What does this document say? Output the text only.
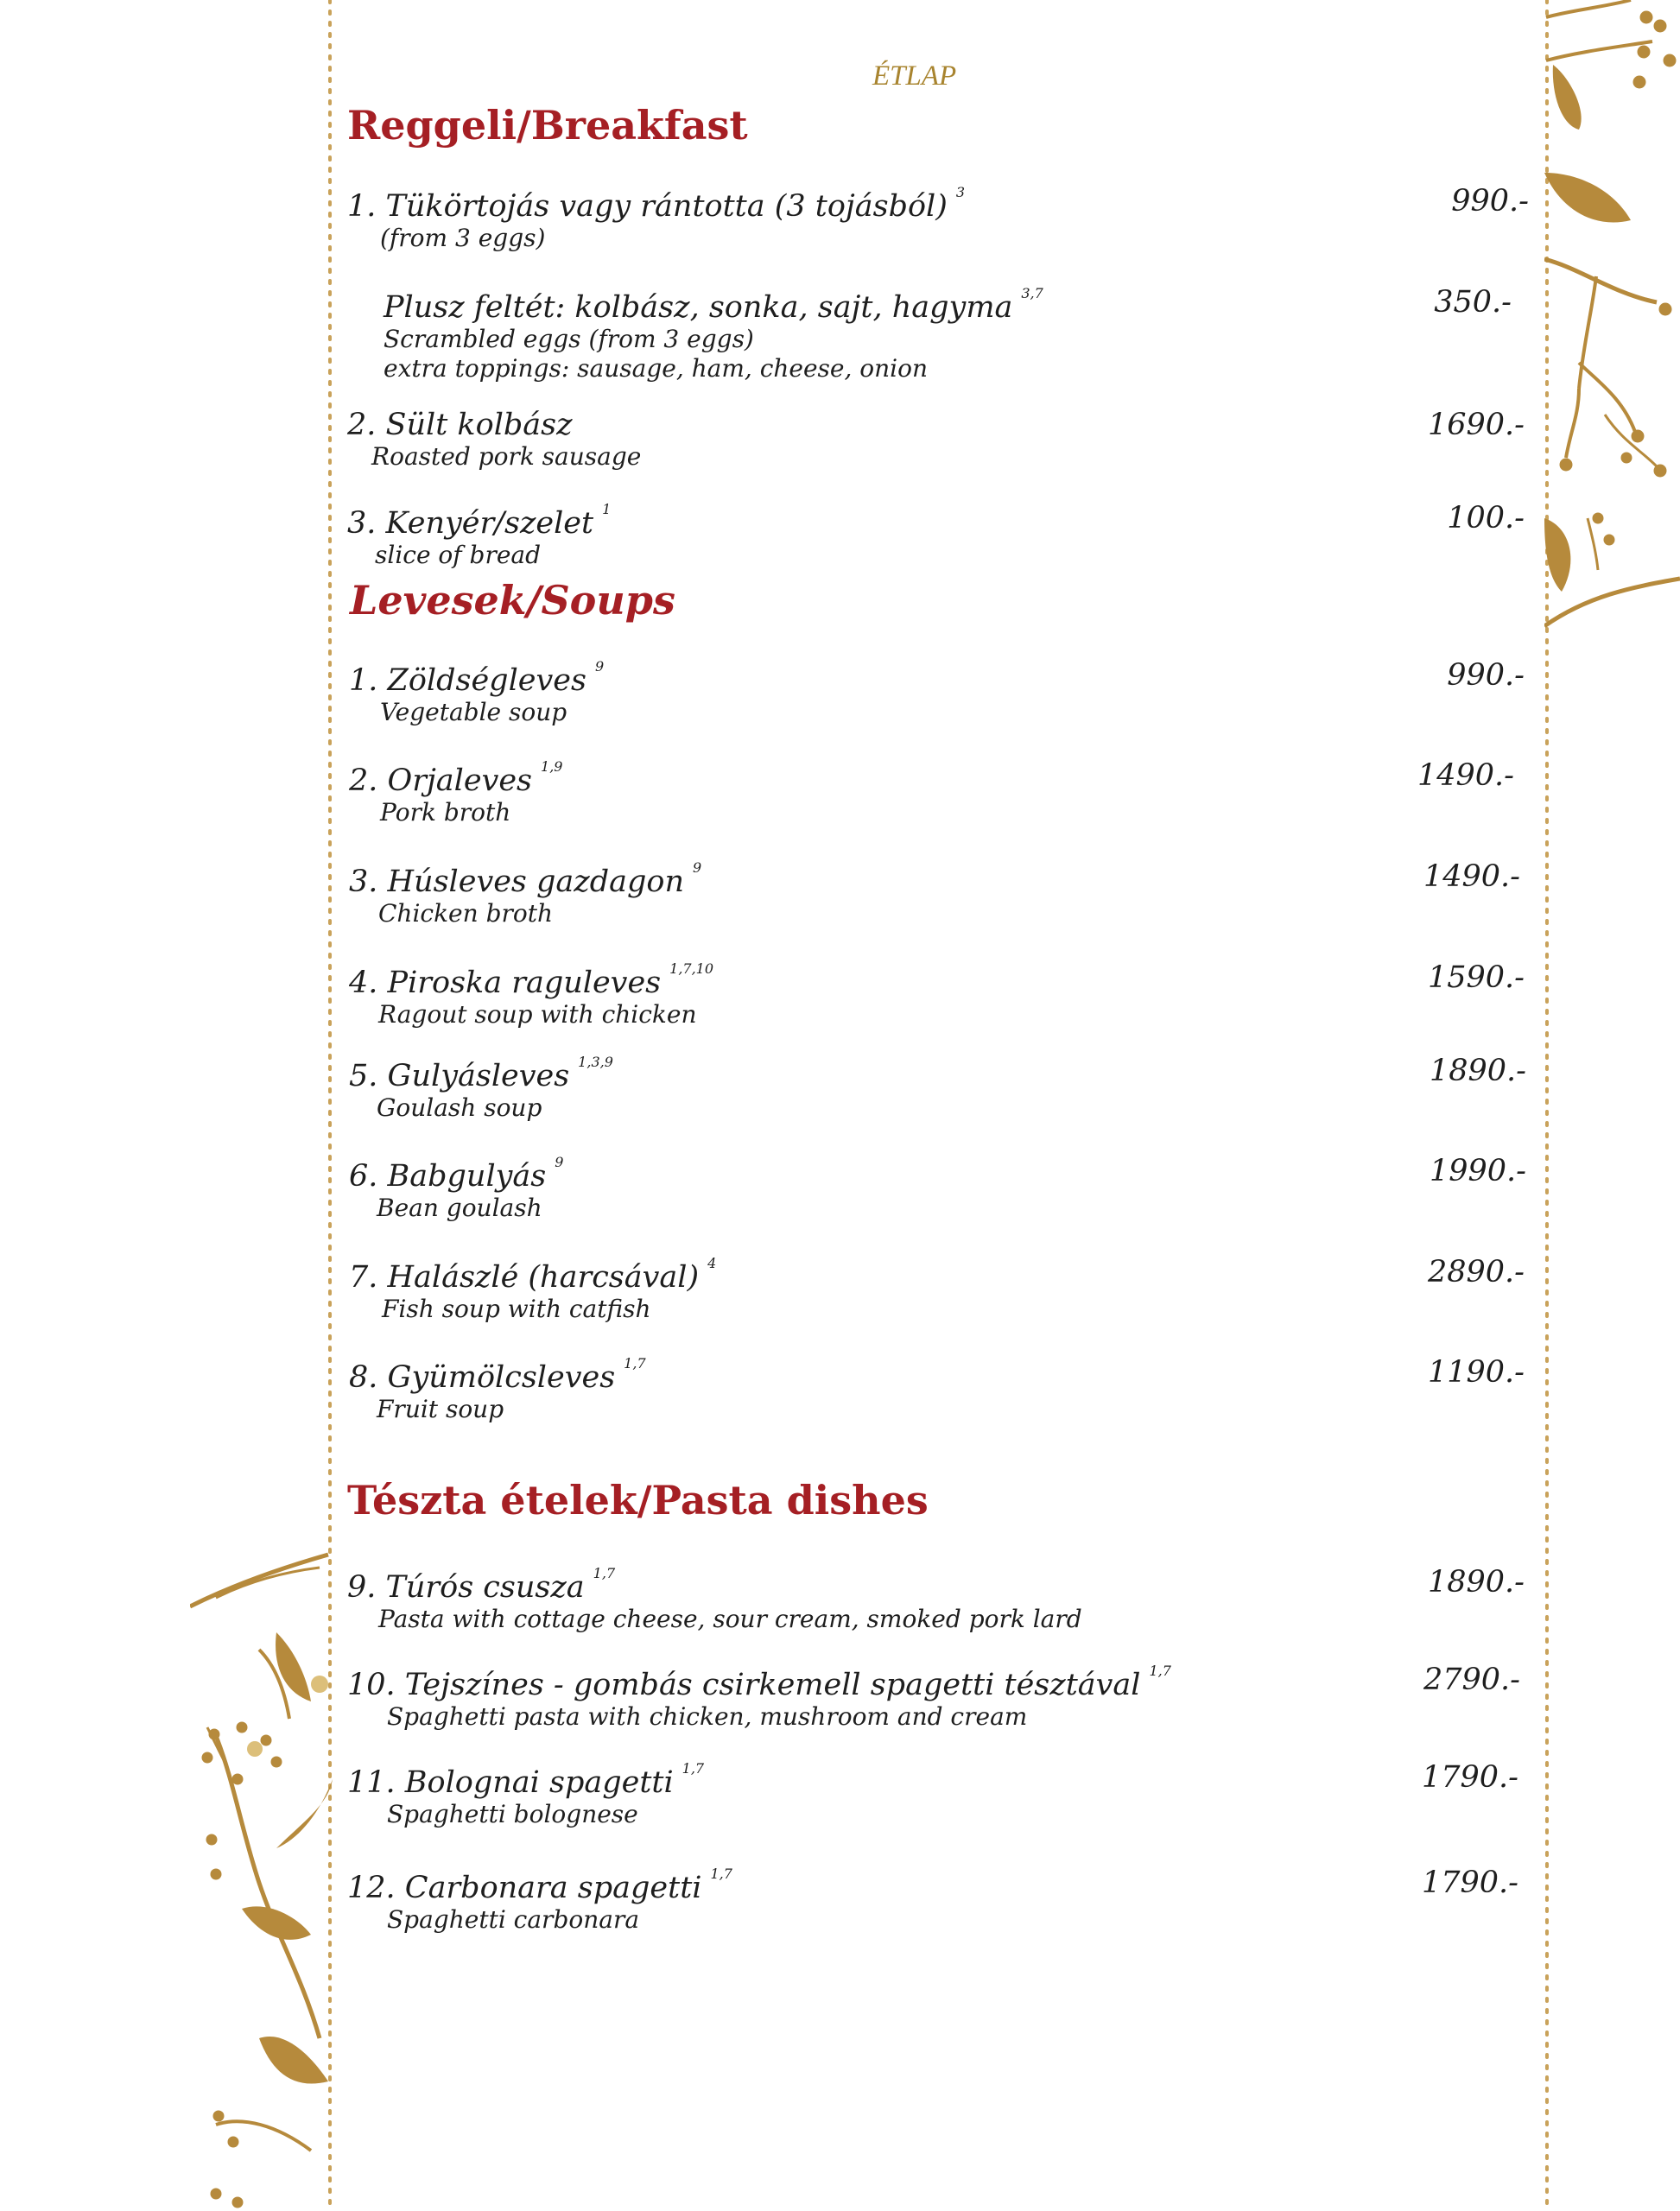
ÉTLAP
Reggeli/Breakfast
Levesek/Soups
Tészta ételek/Pasta dishes
1. Tükörtojás vagy rántotta (3 tojásból) $^3$
(from 3 eggs)
990.-
Plusz feltét: kolbász, sonka, sajt, hagyma $^{3,7}$
Scrambled eggs (from 3 eggs)
extra toppings: sausage, ham, cheese, onion
350.-
2. Sült kolbász
Roasted pork sausage
1690.-
3. Kenyér/szelet $^1$
slice of bread
100.-
1. Zöldségleves $^9$
Vegetable soup
990.-
2. Orjaleves $^{1,9}$
Pork broth
1490.-
3. Húsleves gazdagon $^9$
Chicken broth
1490.-
4. Piroska raguleves $^{1,7,10}$
Ragout soup with chicken
1590.-
5. Gulyásleves $^{1,3,9}$
Goulash soup
1890.-
6. Babgulyás $^9$
Bean goulash
1990.-
7. Halászlé (harcsával) $^4$
Fish soup with catfish
2890.-
8. Gyümölcsleves $^{1,7}$
Fruit soup
1190.-
9. Túrós csusza $^{1,7}$
Pasta with cottage cheese, sour cream, smoked pork lard
1890.-
10. Tejszínes - gombás csirkemell spagetti tésztával $^{1,7}$
Spaghetti pasta with chicken, mushroom and cream
2790.-
11. Bolognai spagetti $^{1,7}$
Spaghetti bolognese
1790.-
12. Carbonara spagetti $^{1,7}$
Spaghetti carbonara
1790.-
